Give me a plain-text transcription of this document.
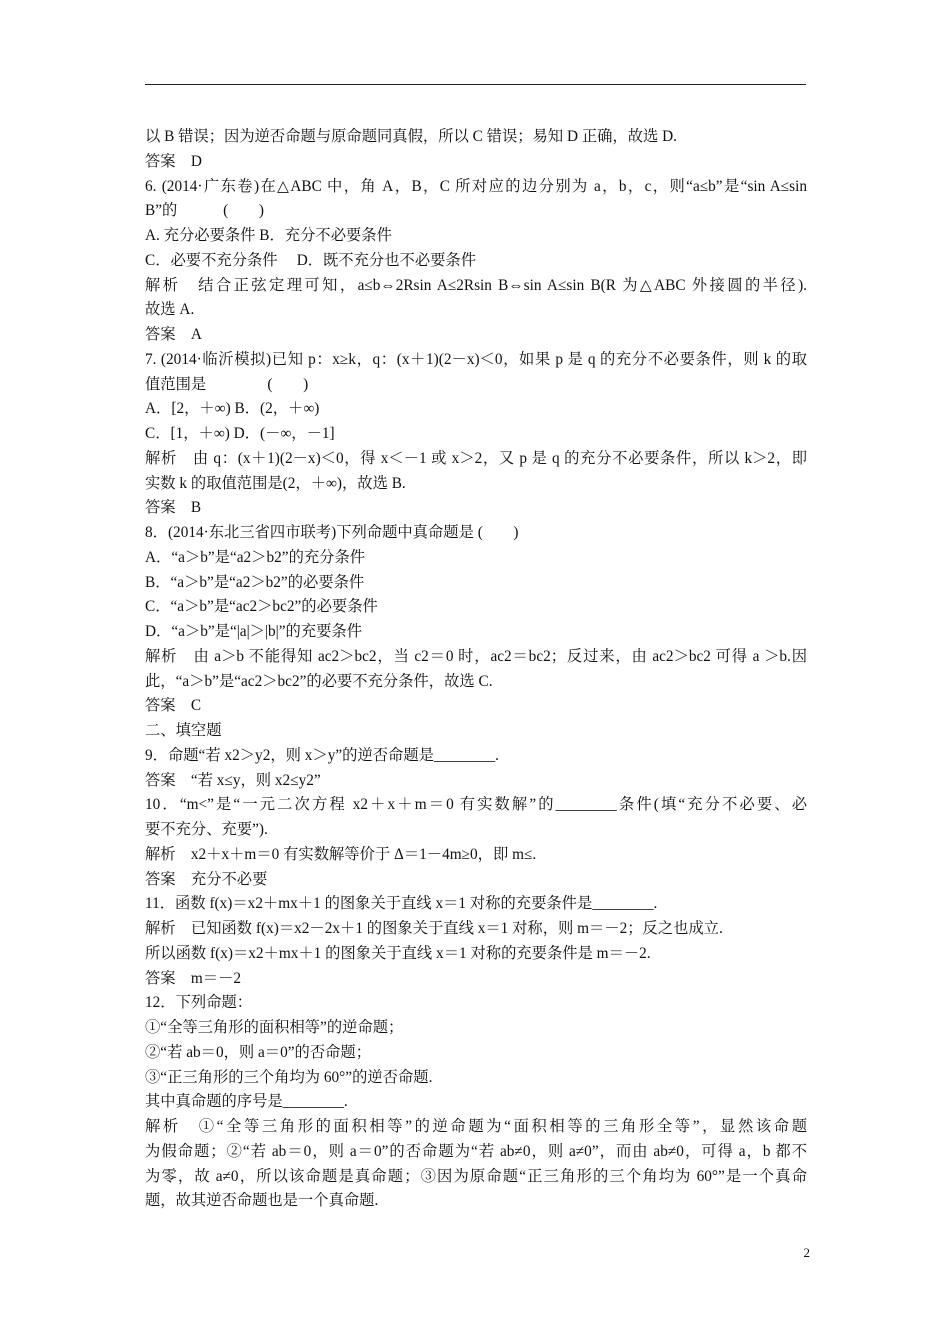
以 B 错误；因为逆否命题与原命题同真假，所以 C 错误；易知 D 正确，故选 D.
答案　D
6. (2014·广东卷)在△ABC 中，角 A，B，C 所对应的边分别为 a，b，c，则“a≤b”是“sin A≤sin
B”的　　　(　　)
A. 充分必要条件 B．充分不必要条件
C．必要不充分条件　 D．既不充分也不必要条件
解析　结合正弦定理可知，a≤b⇔2Rsin A≤2Rsin B⇔sin A≤sin B(R 为△ABC 外接圆的半径).
故选 A.
答案　A
7. (2014·临沂模拟)已知 p：x≥k，q：(x＋1)(2－x)＜0，如果 p 是 q 的充分不必要条件，则 k 的取
值范围是　　　　(　　)
A．[2，＋∞) B．(2，＋∞)
C．[1，＋∞) D．(－∞，－1]
解析　由 q：(x＋1)(2－x)＜0，得 x＜－1 或 x＞2，又 p 是 q 的充分不必要条件，所以 k＞2，即
实数 k 的取值范围是(2，＋∞)，故选 B.
答案　B
8．(2014·东北三省四市联考)下列命题中真命题是 (　　)
A．“a＞b”是“a2＞b2”的充分条件
B．“a＞b”是“a2＞b2”的必要条件
C．“a＞b”是“ac2＞bc2”的必要条件
D．“a＞b”是“|a|＞|b|”的充要条件
解析　由 a＞b 不能得知 ac2＞bc2，当 c2＝0 时，ac2＝bc2；反过来，由 ac2＞bc2 可得 a ＞b.因
此，“a＞b”是“ac2＞bc2”的必要不充分条件，故选 C.
答案　C
二、填空题
9．命题“若 x2＞y2，则 x＞y”的逆否命题是________.
答案　“若 x≤y，则 x2≤y2”
10．“m<”是“一元二次方程 x2＋x＋m＝0 有实数解”的________条件(填“充分不必要、必
要不充分、充要”).
解析　x2＋x＋m＝0 有实数解等价于 Δ＝1－4m≥0，即 m≤.
答案　充分不必要
11．函数 f(x)＝x2＋mx＋1 的图象关于直线 x＝1 对称的充要条件是________.
解析　已知函数 f(x)＝x2－2x＋1 的图象关于直线 x＝1 对称，则 m＝－2；反之也成立.
所以函数 f(x)＝x2＋mx＋1 的图象关于直线 x＝1 对称的充要条件是 m＝－2.
答案　m＝－2
12．下列命题：
①“全等三角形的面积相等”的逆命题；
②“若 ab＝0，则 a＝0”的否命题；
③“正三角形的三个角均为 60°”的逆否命题.
其中真命题的序号是________.
解析　①“全等三角形的面积相等”的逆命题为“面积相等的三角形全等”，显然该命题
为假命题；②“若 ab＝0，则 a＝0”的否命题为“若 ab≠0，则 a≠0”，而由 ab≠0，可得 a，b 都不
为零，故 a≠0，所以该命题是真命题；③因为原命题“正三角形的三个角均为 60°”是一个真命
题，故其逆否命题也是一个真命题.
2
